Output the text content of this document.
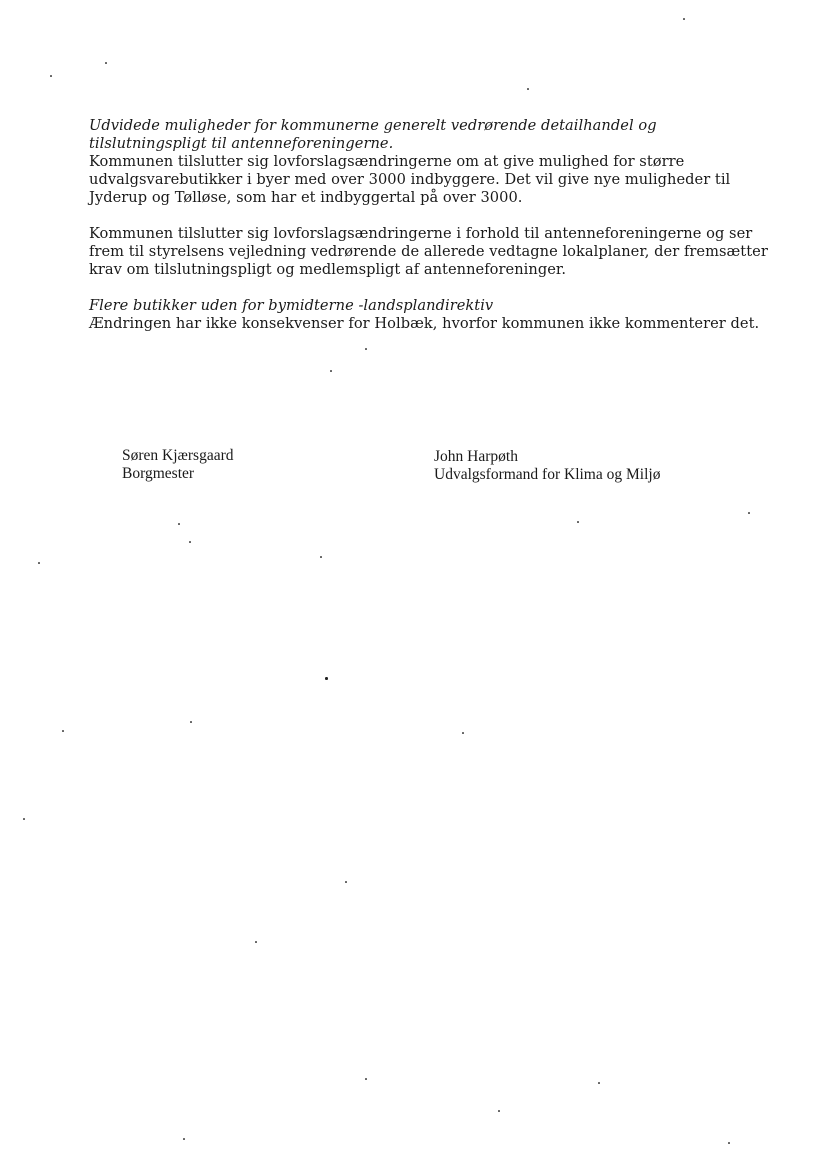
Udvidede muligheder for kommunerne generelt vedrørende detailhandel og tilslutningspligt til antenneforeningerne.

Kommunen tilslutter sig lovforslagsændringerne om at give mulighed for større udvalgsvarebutikker i byer med over 3000 indbyggere. Det vil give nye muligheder til Jyderup og Tølløse, som har et indbyggertal på over 3000.

Kommunen tilslutter sig lovforslagsændringerne i forhold til antenneforeningerne og ser frem til styrelsens vejledning vedrørende de allerede vedtagne lokalplaner, der fremsætter krav om tilslutningspligt og medlemspligt af antenneforeninger.

Flere butikker uden for bymidterne -landsplandirektiv

Ændringen har ikke konsekvenser for Holbæk, hvorfor kommunen ikke kommenterer det.

Søren Kjærsgaard
Borgmester
John Harpøth
Udvalgsformand for Klima og Miljø
